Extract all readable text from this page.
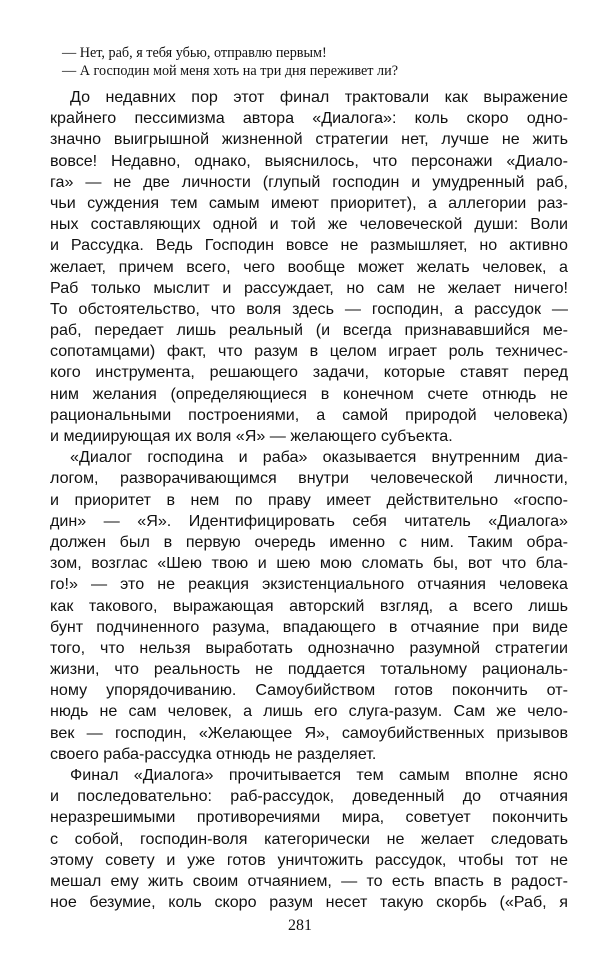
— Нет, раб, я тебя убью, отправлю первым!
— А господин мой меня хоть на три дня переживет ли?
До недавних пор этот финал трактовали как выражение
крайнего пессимизма автора «Диалога»: коль скоро одно-
значно выигрышной жизненной стратегии нет, лучше не жить
вовсе! Недавно, однако, выяснилось, что персонажи «Диало-
га» — не две личности (глупый господин и умудренный раб,
чьи суждения тем самым имеют приоритет), а аллегории раз-
ных составляющих одной и той же человеческой души: Воли
и Рассудка. Ведь Господин вовсе не размышляет, но активно
желает, причем всего, чего вообще может желать человек, а
Раб только мыслит и рассуждает, но сам не желает ничего!
То обстоятельство, что воля здесь — господин, а рассудок —
раб, передает лишь реальный (и всегда признававшийся ме-
сопотамцами) факт, что разум в целом играет роль техничес-
кого инструмента, решающего задачи, которые ставят перед
ним желания (определяющиеся в конечном счете отнюдь не
рациональными построениями, а самой природой человека)
и медиирующая их воля «Я» — желающего субъекта.
«Диалог господина и раба» оказывается внутренним диа-
логом, разворачивающимся внутри человеческой личности,
и приоритет в нем по праву имеет действительно «госпо-
дин» — «Я». Идентифицировать себя читатель «Диалога»
должен был в первую очередь именно с ним. Таким обра-
зом, возглас «Шею твою и шею мою сломать бы, вот что бла-
го!» — это не реакция экзистенциального отчаяния человека
как такового, выражающая авторский взгляд, а всего лишь
бунт подчиненного разума, впадающего в отчаяние при виде
того, что нельзя выработать однозначно разумной стратегии
жизни, что реальность не поддается тотальному рациональ-
ному упорядочиванию. Самоубийством готов покончить от-
нюдь не сам человек, а лишь его слуга-разум. Сам же чело-
век — господин, «Желающее Я», самоубийственных призывов
своего раба-рассудка отнюдь не разделяет.
Финал «Диалога» прочитывается тем самым вполне ясно
и последовательно: раб-рассудок, доведенный до отчаяния
неразрешимыми противоречиями мира, советует покончить
с собой, господин-воля категорически не желает следовать
этому совету и уже готов уничтожить рассудок, чтобы тот не
мешал ему жить своим отчаянием, — то есть впасть в радост-
ное безумие, коль скоро разум несет такую скорбь («Раб, я
281
